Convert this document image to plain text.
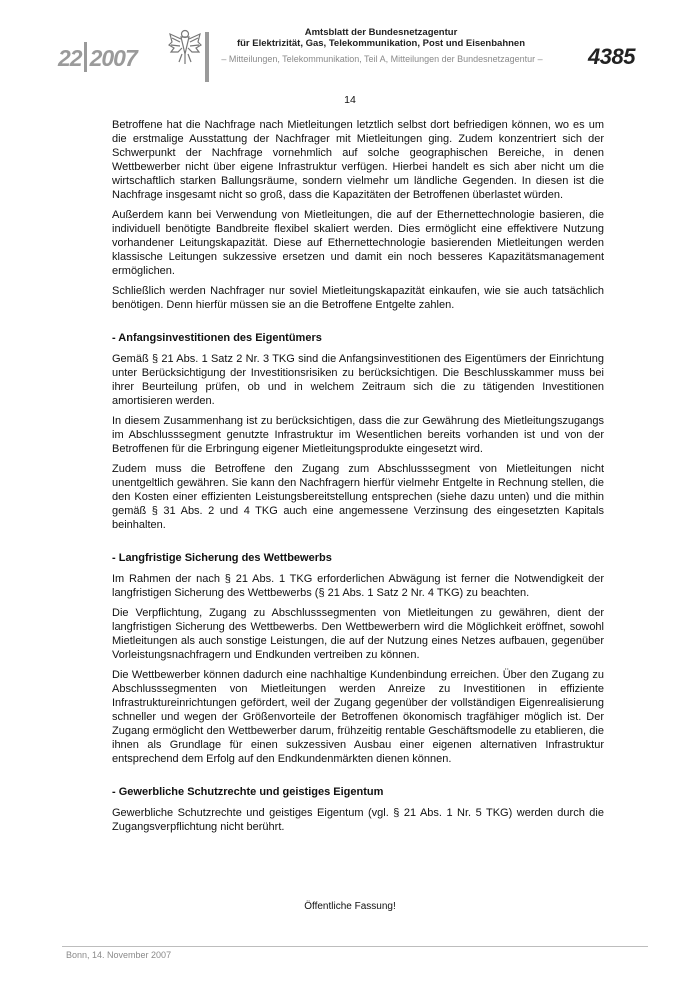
22 2007
Amtsblatt der Bundesnetzagentur
für Elektrizität, Gas, Telekommunikation, Post und Eisenbahnen
– Mitteilungen, Telekommunikation, Teil A, Mitteilungen der Bundesnetzagentur –	4385
14

Betroffene hat die Nachfrage nach Mietleitungen letztlich selbst dort befriedigen können, wo es um die erstmalige Ausstattung der Nachfrager mit Mietleitungen ging. Zudem konzentriert sich der Schwerpunkt der Nachfrage vornehmlich auf solche geographischen Bereiche, in denen Wettbewerber nicht über eigene Infrastruktur verfügen. Hierbei handelt es sich aber nicht um die wirtschaftlich starken Ballungsräume, sondern vielmehr um ländliche Gegenden. In diesen ist die Nachfrage insgesamt nicht so groß, dass die Kapazitäten der Betroffenen überlastet würden.

Außerdem kann bei Verwendung von Mietleitungen, die auf der Ethernettechnologie basieren, die individuell benötigte Bandbreite flexibel skaliert werden. Dies ermöglicht eine effektivere Nutzung vorhandener Leitungskapazität. Diese auf Ethernettechnologie basierenden Mietleitungen werden klassische Leitungen sukzessive ersetzen und damit ein noch besseres Kapazitätsmanagement ermöglichen.

Schließlich werden Nachfrager nur soviel Mietleitungskapazität einkaufen, wie sie auch tatsächlich benötigen. Denn hierfür müssen sie an die Betroffene Entgelte zahlen.

- Anfangsinvestitionen des Eigentümers

Gemäß § 21 Abs. 1 Satz 2 Nr. 3 TKG sind die Anfangsinvestitionen des Eigentümers der Einrichtung unter Berücksichtigung der Investitionsrisiken zu berücksichtigen. Die Beschlusskammer muss bei ihrer Beurteilung prüfen, ob und in welchem Zeitraum sich die zu tätigenden Investitionen amortisieren werden.

In diesem Zusammenhang ist zu berücksichtigen, dass die zur Gewährung des Mietleitungszugangs im Abschlusssegment genutzte Infrastruktur im Wesentlichen bereits vorhanden ist und von der Betroffenen für die Erbringung eigener Mietleitungsprodukte eingesetzt wird.

Zudem muss die Betroffene den Zugang zum Abschlusssegment von Mietleitungen nicht unentgeltlich gewähren. Sie kann den Nachfragern hierfür vielmehr Entgelte in Rechnung stellen, die den Kosten einer effizienten Leistungsbereitstellung entsprechen (siehe dazu unten) und die mithin gemäß § 31 Abs. 2 und 4 TKG auch eine angemessene Verzinsung des eingesetzten Kapitals beinhalten.

- Langfristige Sicherung des Wettbewerbs

Im Rahmen der nach § 21 Abs. 1 TKG erforderlichen Abwägung ist ferner die Notwendigkeit der langfristigen Sicherung des Wettbewerbs (§ 21 Abs. 1 Satz 2 Nr. 4 TKG) zu beachten.

Die Verpflichtung, Zugang zu Abschlusssegmenten von Mietleitungen zu gewähren, dient der langfristigen Sicherung des Wettbewerbs. Den Wettbewerbern wird die Möglichkeit eröffnet, sowohl Mietleitungen als auch sonstige Leistungen, die auf der Nutzung eines Netzes aufbauen, gegenüber Vorleistungsnachfragern und Endkunden vertreiben zu können.

Die Wettbewerber können dadurch eine nachhaltige Kundenbindung erreichen. Über den Zugang zu Abschlusssegmenten von Mietleitungen werden Anreize zu Investitionen in effiziente Infrastruktureinrichtungen gefördert, weil der Zugang gegenüber der vollständigen Eigenrealisierung schneller und wegen der Größenvorteile der Betroffenen ökonomisch tragfähiger möglich ist. Der Zugang ermöglicht den Wettbewerber darum, frühzeitig rentable Geschäftsmodelle zu etablieren, die ihnen als Grundlage für einen sukzessiven Ausbau einer eigenen alternativen Infrastruktur entsprechend dem Erfolg auf den Endkundenmärkten dienen können.

- Gewerbliche Schutzrechte und geistiges Eigentum

Gewerbliche Schutzrechte und geistiges Eigentum (vgl. § 21 Abs. 1 Nr. 5 TKG) werden durch die Zugangsverpflichtung nicht berührt.

Öffentliche Fassung!
Bonn, 14. November 2007
